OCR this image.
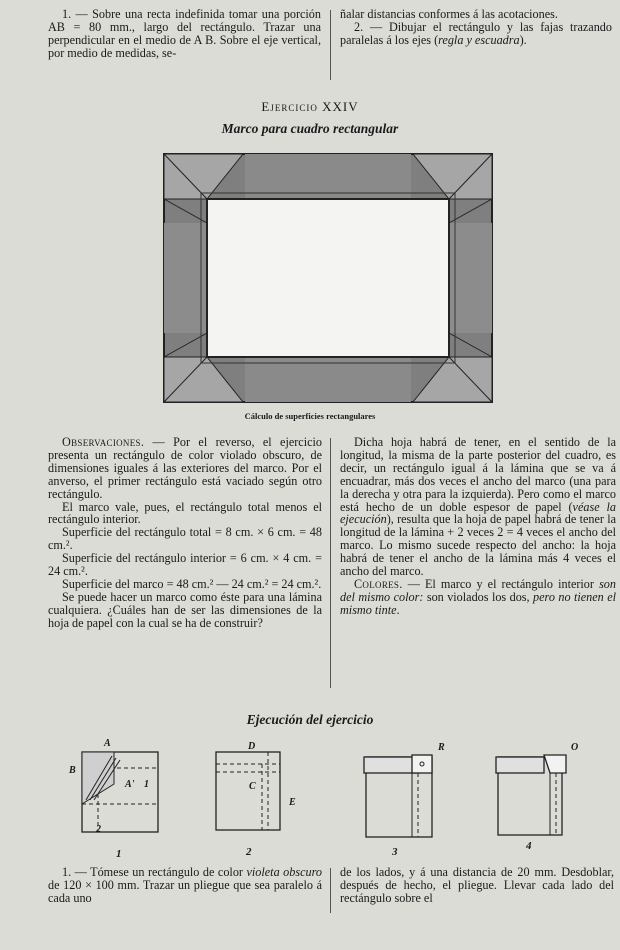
1. — Sobre una recta indefinida tomar una porción AB = 80 mm., largo del rectángulo. Trazar una perpendicular en el medio de A B. Sobre el eje vertical, por medio de medidas, se-

ñalar distancias conformes á las acotaciones.

2. — Dibujar el rectángulo y las fajas trazando paralelas á los ejes (regla y escuadra).

Ejercicio XXIV
Marco para cuadro rectangular
Cálculo de superficies rectangulares

Observaciones. — Por el reverso, el ejercicio presenta un rectángulo de color violado obscuro, de dimensiones iguales á las exteriores del marco. Por el anverso, el primer rectángulo está vaciado según otro rectángulo.

El marco vale, pues, el rectángulo total menos el rectángulo interior.

Superficie del rectángulo total = 8 cm. × 6 cm. = 48 cm.².

Superficie del rectángulo interior = 6 cm. × 4 cm. = 24 cm.².

Superficie del marco = 48 cm.² — 24 cm.² = 24 cm.².

Se puede hacer un marco como éste para una lámina cualquiera. ¿Cuáles han de ser las dimensiones de la hoja de papel con la cual se ha de construir?

Dicha hoja habrá de tener, en el sentido de la longitud, la misma de la parte posterior del cuadro, es decir, un rectángulo igual á la lámina que se va á encuadrar, más dos veces el ancho del marco (una para la derecha y otra para la izquierda). Pero como el marco está hecho de un doble espesor de papel (véase la ejecución), resulta que la hoja de papel habrá de tener la longitud de la lámina + 2 veces 2 = 4 veces el ancho del marco. Lo mismo sucede respecto del ancho: la hoja habrá de tener el ancho de la lámina más 4 veces el ancho del marco.

Colores. — El marco y el rectángulo interior son del mismo color: son violados los dos, pero no tienen el mismo tinte.

Ejecución del ejercicio
A
B
A' 1
2
1
D
C
E
2
R
3
O
4

1. — Tómese un rectángulo de color violeta obscuro de 120 × 100 mm. Trazar un pliegue que sea paralelo á cada uno

de los lados, y á una distancia de 20 mm. Desdoblar, después de hecho, el pliegue. Llevar cada lado del rectángulo sobre el
